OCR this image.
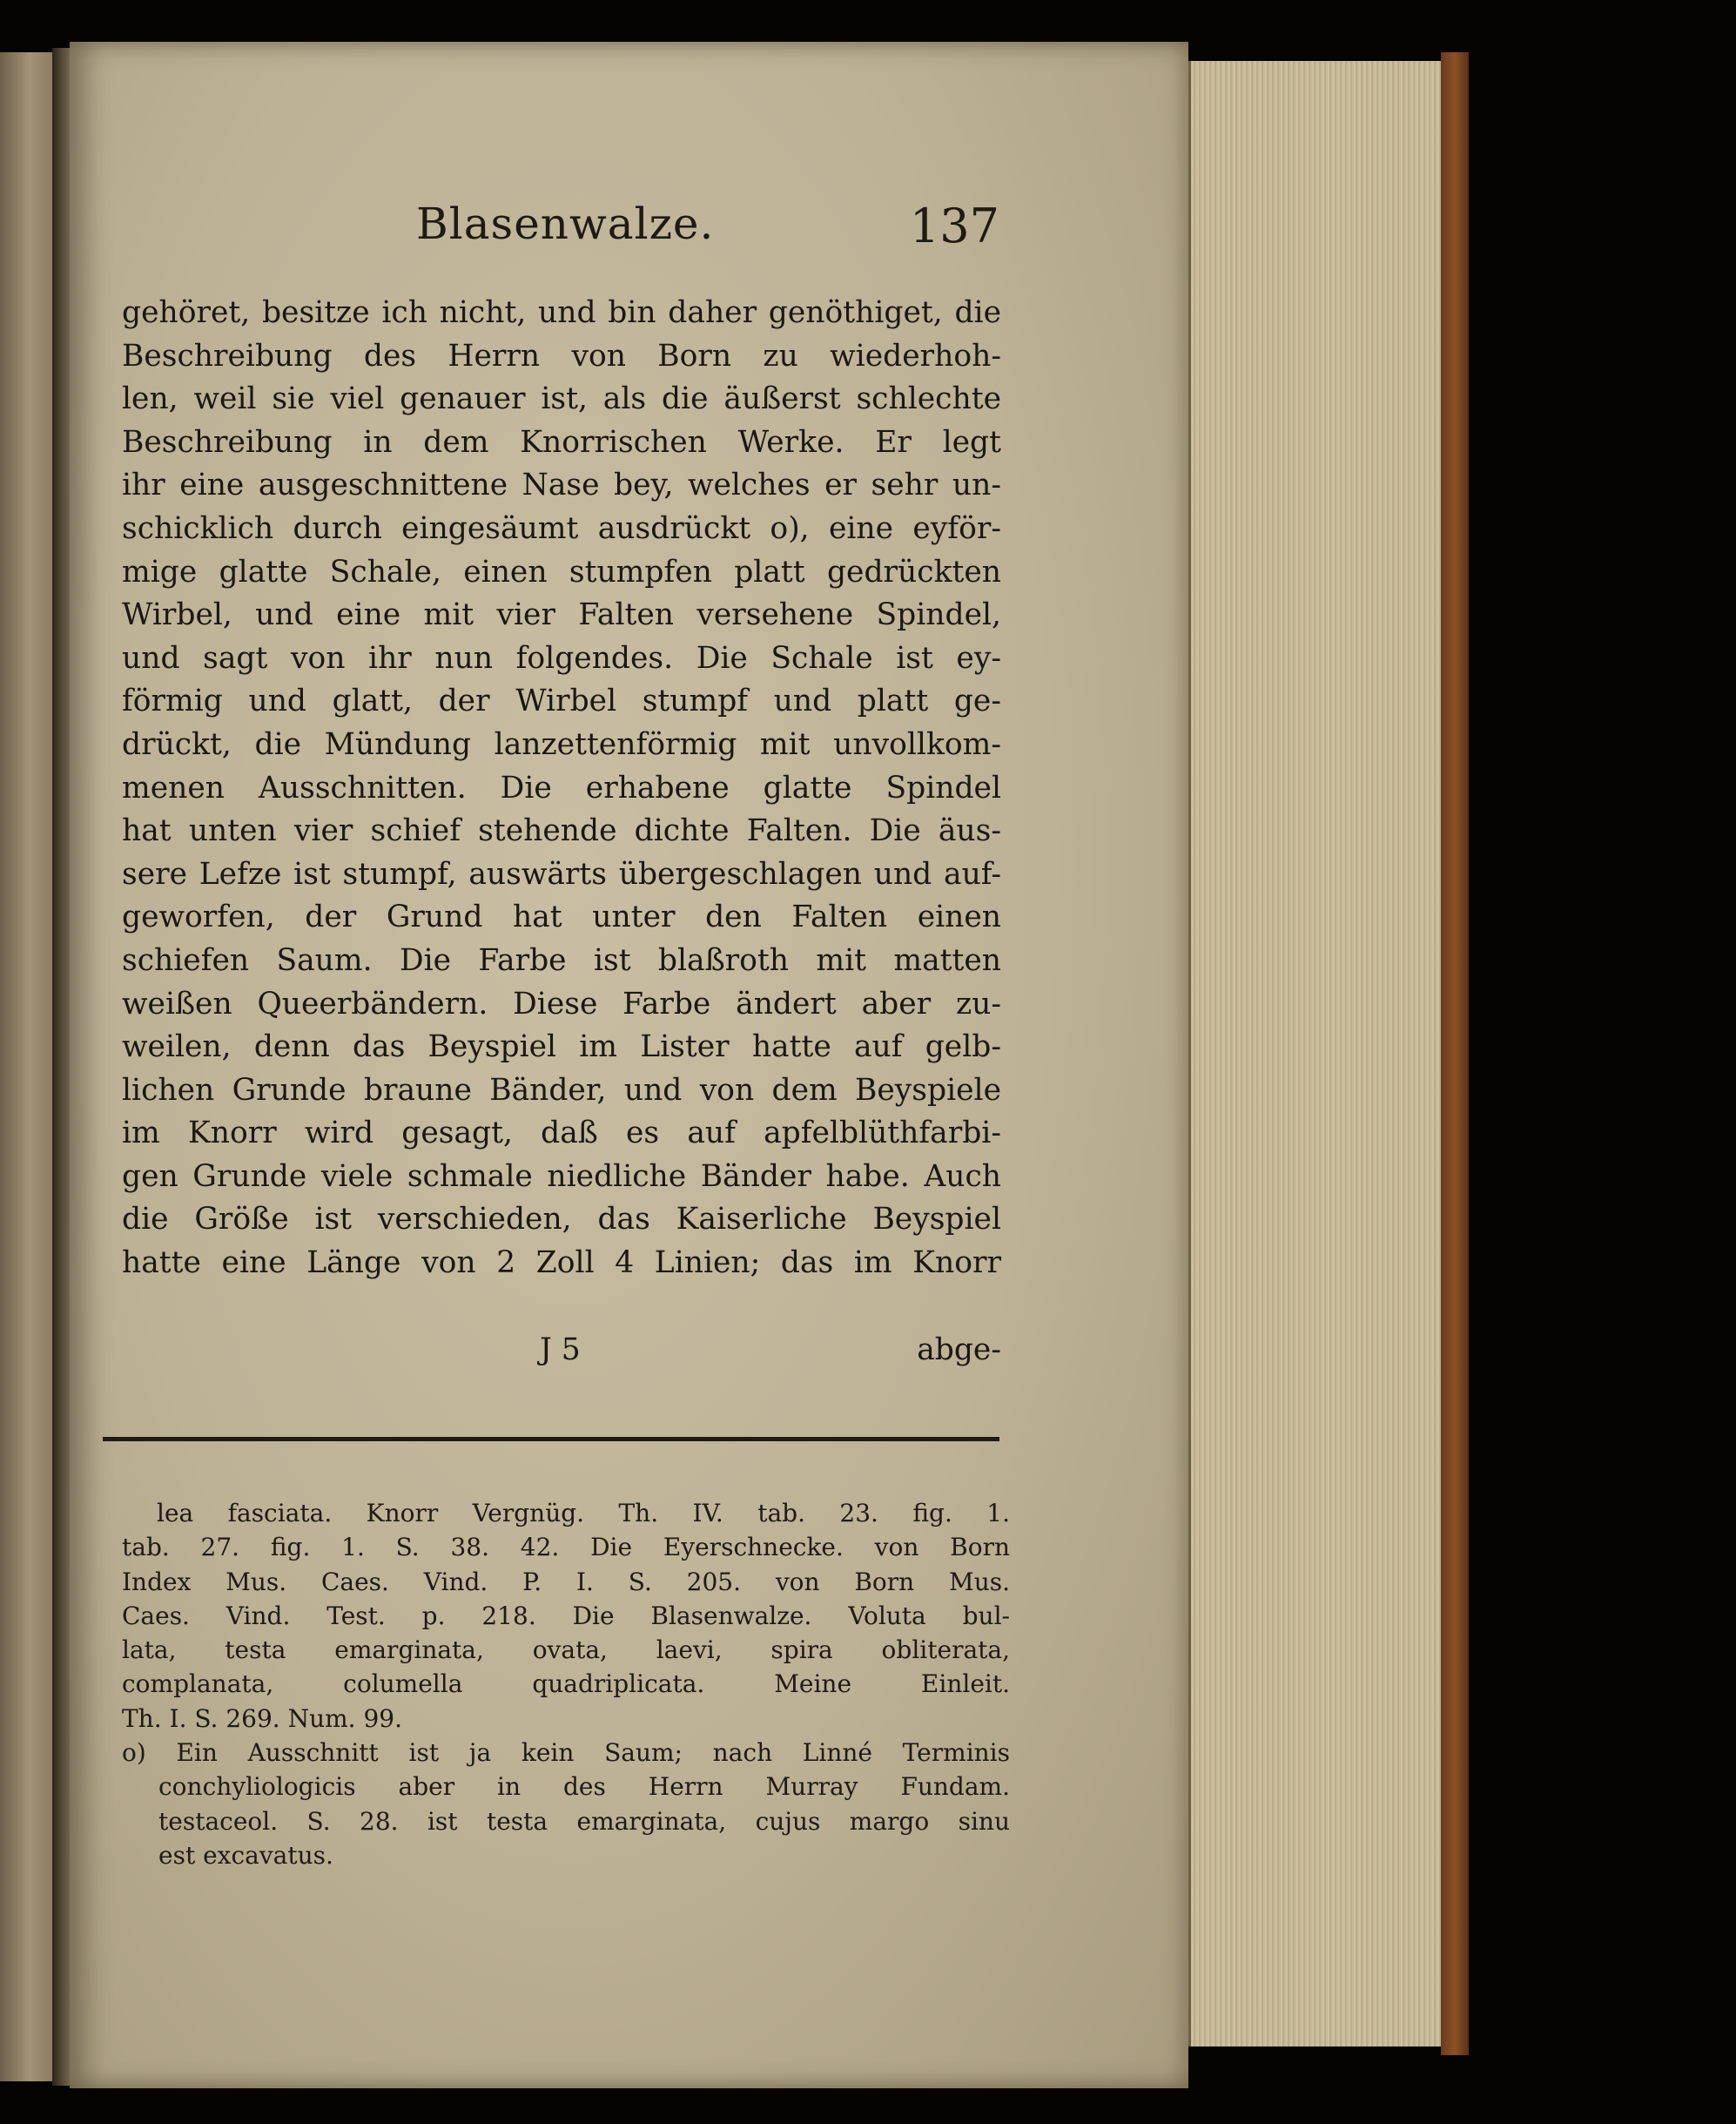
Blasenwalze.	137
gehöret, besitze ich nicht, und bin daher genöthiget, die
Beschreibung des Herrn von Born zu wiederhoh-
len, weil sie viel genauer ist, als die äußerst schlechte
Beschreibung in dem Knorrischen Werke. Er legt
ihr eine ausgeschnittene Nase bey, welches er sehr un-
schicklich durch eingesäumt ausdrückt o), eine eyför-
mige glatte Schale, einen stumpfen platt gedrückten
Wirbel, und eine mit vier Falten versehene Spindel,
und sagt von ihr nun folgendes. Die Schale ist ey-
förmig und glatt, der Wirbel stumpf und platt ge-
drückt, die Mündung lanzettenförmig mit unvollkom-
menen Ausschnitten. Die erhabene glatte Spindel
hat unten vier schief stehende dichte Falten. Die äus-
sere Lefze ist stumpf, auswärts übergeschlagen und auf-
geworfen, der Grund hat unter den Falten einen
schiefen Saum. Die Farbe ist blaßroth mit matten
weißen Queerbändern. Diese Farbe ändert aber zu-
weilen, denn das Beyspiel im Lister hatte auf gelb-
lichen Grunde braune Bänder, und von dem Beyspiele
im Knorr wird gesagt, daß es auf apfelblüthfarbi-
gen Grunde viele schmale niedliche Bänder habe. Auch
die Größe ist verschieden, das Kaiserliche Beyspiel
hatte eine Länge von 2 Zoll 4 Linien; das im Knorr
J 5	abge-
lea fasciata. Knorr Vergnüg. Th. IV. tab. 23. fig. 1.
tab. 27. fig. 1. S. 38. 42. Die Eyerschnecke. von Born
Index Mus. Caes. Vind. P. I. S. 205. von Born Mus.
Caes. Vind. Test. p. 218. Die Blasenwalze. Voluta bul-
lata, testa emarginata, ovata, laevi, spira obliterata,
complanata, columella quadriplicata. Meine Einleit.
Th. I. S. 269. Num. 99.
o) Ein Ausschnitt ist ja kein Saum; nach Linné Terminis
conchyliologicis aber in des Herrn Murray Fundam.
testaceol. S. 28. ist testa emarginata, cujus margo sinu
est excavatus.
